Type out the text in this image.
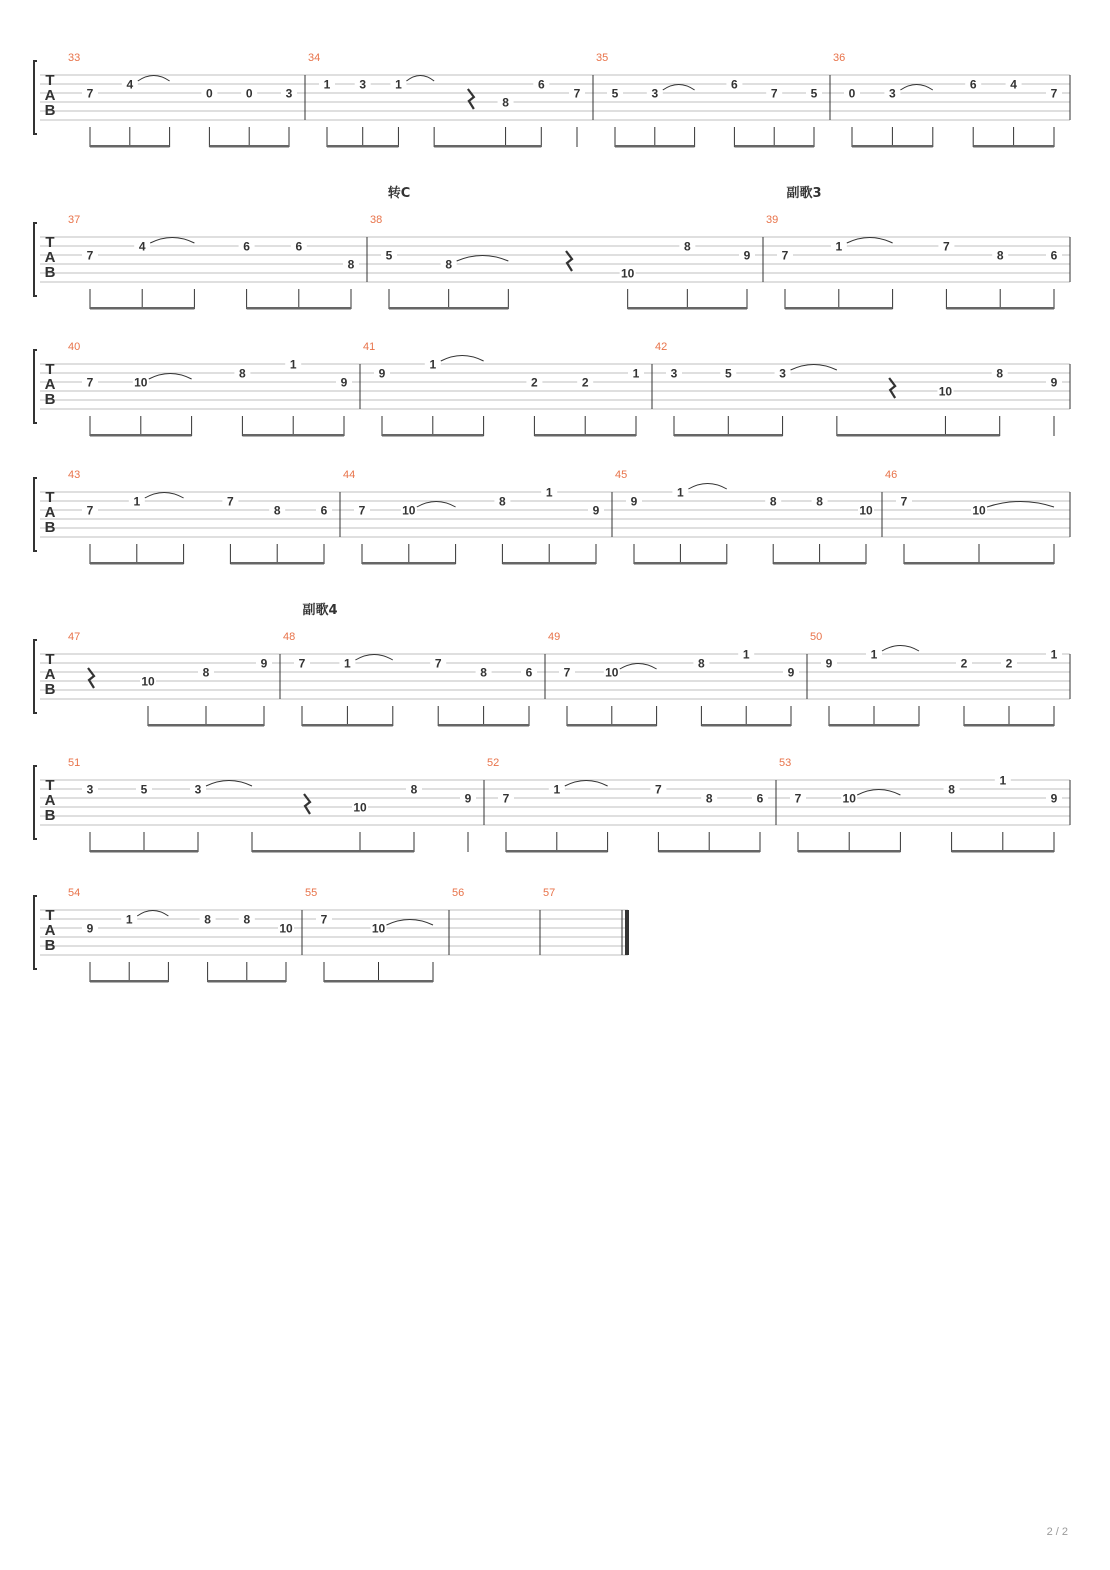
T
A
B
33
7
4
0	0	3
34
1 3 1
8
6
7
35
5	3
6
7	5
36
0	3
6	4
7
T
A
B
转C	副歌3
37
7
4	6	6
8
38
5
8
10
8
9
39
7
1	7
8	6
T
A
B
40
7	10
8
1
9
41
9
1
2	2
1
42
3	5	3
10
8
9
T
A
B
43
7
1	7
8	6
44
7	10
8
1
9
45
9
1
8	8
10
46
7
10
T
A
B
副歌4
47
10
8
9
48
7	1	7
8	6
49
7	10
8
1
9
50
9
1
2	2
1
T
A
B
51
3	5	3
10
8
9
52
7
1	7
8	6
53
7	10
8
1
9
T
A
B
54
9
1	8	8
10
55
7
10
56	57
2 / 2
